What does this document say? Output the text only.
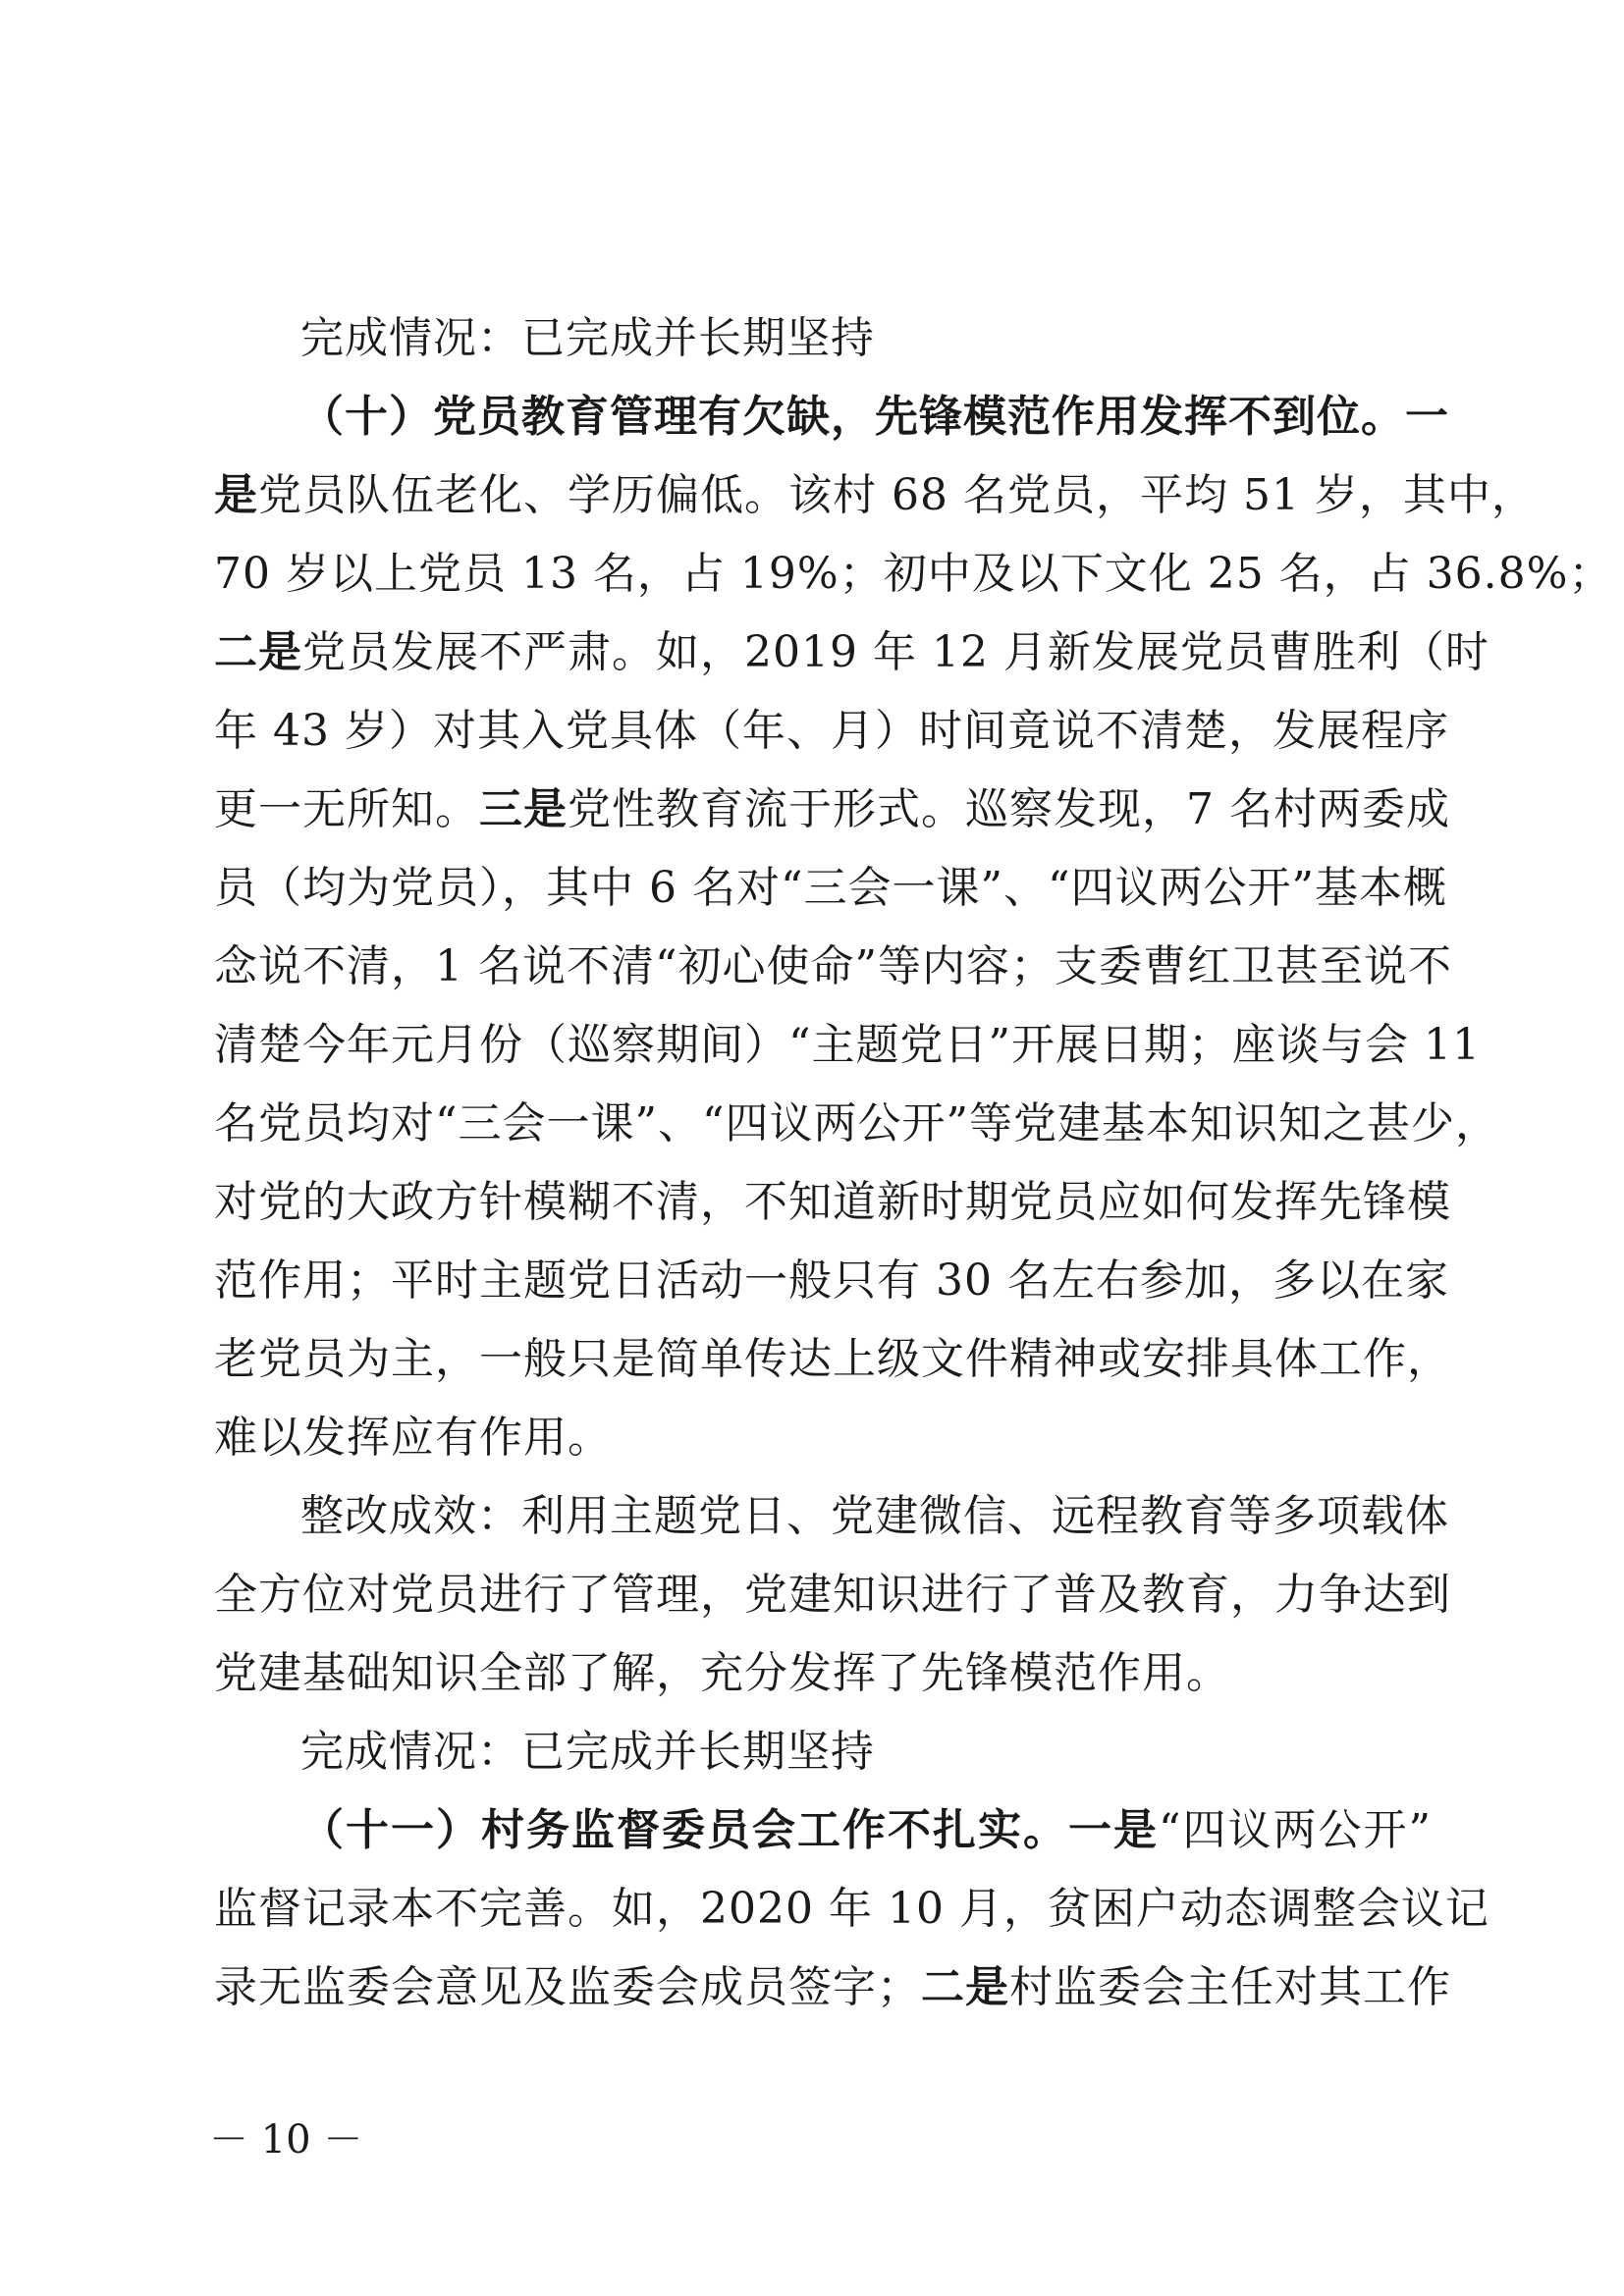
完成情况：已完成并长期坚持
（十）党员教育管理有欠缺，先锋模范作用发挥不到位。一
是党员队伍老化、学历偏低。该村 68 名党员，平均 51 岁，其中，
70 岁以上党员 13 名，占 19%；初中及以下文化 25 名，占 36.8%；
二是党员发展不严肃。如，2019 年 12 月新发展党员曹胜利（时
年 43 岁）对其入党具体（年、月）时间竟说不清楚，发展程序
更一无所知。三是党性教育流于形式。巡察发现，7 名村两委成
员（均为党员），其中 6 名对“三会一课”、“四议两公开”基本概
念说不清，1 名说不清“初心使命”等内容；支委曹红卫甚至说不
清楚今年元月份（巡察期间）“主题党日”开展日期；座谈与会 11
名党员均对“三会一课”、“四议两公开”等党建基本知识知之甚少，
对党的大政方针模糊不清，不知道新时期党员应如何发挥先锋模
范作用；平时主题党日活动一般只有 30 名左右参加，多以在家
老党员为主，一般只是简单传达上级文件精神或安排具体工作，
难以发挥应有作用。
整改成效：利用主题党日、党建微信、远程教育等多项载体
全方位对党员进行了管理，党建知识进行了普及教育，力争达到
党建基础知识全部了解，充分发挥了先锋模范作用。
完成情况：已完成并长期坚持
（十一）村务监督委员会工作不扎实。一是“四议两公开”
监督记录本不完善。如，2020 年 10 月，贫困户动态调整会议记
录无监委会意见及监委会成员签字；二是村监委会主任对其工作
－ 10 －
